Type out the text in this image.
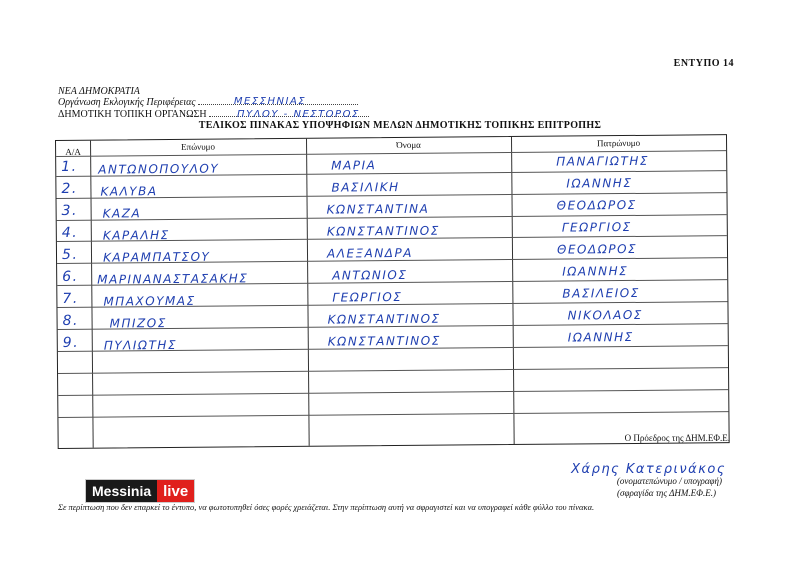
ΕΝΤΥΠΟ 14
ΝΕΑ ΔΗΜΟΚΡΑΤΙΑ
Οργάνωση Εκλογικής Περιφέρειας	ΜΕΣΣΗΝΙΑΣ
ΔΗΜΟΤΙΚΗ ΤΟΠΙΚΗ ΟΡΓΑΝΩΣΗ	ΠΥΛΟΥ - ΝΕΣΤΟΡΟΣ
ΤΕΛΙΚΟΣ ΠΙΝΑΚΑΣ ΥΠΟΨΗΦΙΩΝ ΜΕΛΩΝ ΔΗΜΟΤΙΚΗΣ ΤΟΠΙΚΗΣ ΕΠΙΤΡΟΠΗΣ
Α/Α	Επώνυμο	Όνομα	Πατρώνυμο
1. ΑΝΤΩΝΟΠΟΥΛΟΥ	ΜΑΡΙΑ	ΠΑΝΑΓΙΩΤΗΣ
2. ΚΑΛΥΒΑ	ΒΑΣΙΛΙΚΗ	ΙΩΑΝΝΗΣ
3. ΚΑΖΑ	ΚΩΝΣΤΑΝΤΙΝΑ	ΘΕΟΔΩΡΟΣ
4. ΚΑΡΑΛΗΣ	ΚΩΝΣΤΑΝΤΙΝΟΣ	ΓΕΩΡΓΙΟΣ
5. ΚΑΡΑΜΠΑΤΣΟΥ	ΑΛΕΞΑΝΔΡΑ	ΘΕΟΔΩΡΟΣ
6. ΜΑΡΙΝΑΝΑΣΤΑΣΑΚΗΣ	ΑΝΤΩΝΙΟΣ	ΙΩΑΝΝΗΣ
7. ΜΠΑΧΟΥΜΑΣ	ΓΕΩΡΓΙΟΣ	ΒΑΣΙΛΕΙΟΣ
8.	ΜΠΙΖΟΣ	ΚΩΝΣΤΑΝΤΙΝΟΣ	ΝΙΚΟΛΑΟΣ
9. ΠΥΛΙΩΤΗΣ	ΚΩΝΣΤΑΝΤΙΝΟΣ	ΙΩΑΝΝΗΣ
Ο Πρόεδρος της ΔΗΜ.ΕΦ.Ε.
Χάρης Κατερινάκος
(ονοματεπώνυμο / υπογραφή)
(σφραγίδα της ΔΗΜ.ΕΦ.Ε.)
Messinia live
Σε περίπτωση που δεν επαρκεί το έντυπο, να φωτοτυπηθεί όσες φορές χρειάζεται. Στην περίπτωση αυτή να σφραγιστεί και να υπογραφεί κάθε φύλλο του πίνακα.
